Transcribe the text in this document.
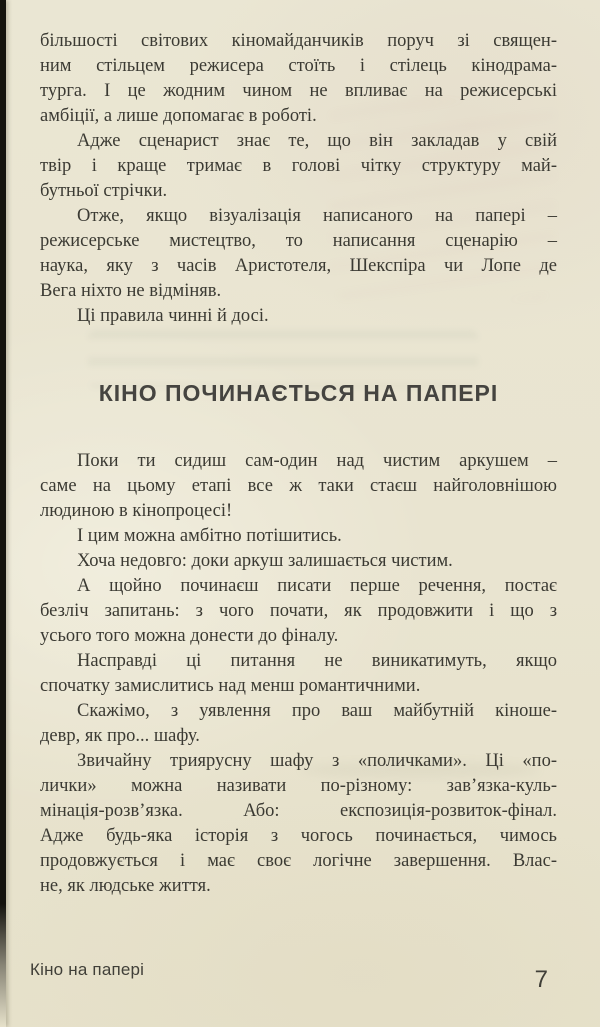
більшості світових кіномайданчиків поруч зі священ-
ним стільцем режисера стоїть і стілець кінодрама-
турга. І це жодним чином не впливає на режисерські
амбіції, а лише допомагає в роботі.
Адже сценарист знає те, що він закладав у свій
твір і краще тримає в голові чітку структуру май-
бутньої стрічки.
Отже, якщо візуалізація написаного на папері –
режисерське мистецтво, то написання сценарію –
наука, яку з часів Аристотеля, Шекспіра чи Лопе де
Вега ніхто не відміняв.
Ці правила чинні й досі.
КІНО ПОЧИНАЄТЬСЯ НА ПАПЕРІ
Поки ти сидиш сам-один над чистим аркушем –
саме на цьому етапі все ж таки стаєш найголовнішою
людиною в кінопроцесі!
І цим можна амбітно потішитись.
Хоча недовго: доки аркуш залишається чистим.
А щойно починаєш писати перше речення, постає
безліч запитань: з чого почати, як продовжити і що з
усього того можна донести до фіналу.
Насправді ці питання не виникатимуть, якщо
спочатку замислитись над менш романтичними.
Скажімо, з уявлення про ваш майбутній кіноше-
девр, як про... шафу.
Звичайну триярусну шафу з «поличками». Ці «по-
лички» можна називати по-різному: зав’язка-куль-
мінація-розв’язка. Або: експозиція-розвиток-фінал.
Адже будь-яка історія з чогось починається, чимось
продовжується і має своє логічне завершення. Влас-
не, як людське життя.
Кіно на папері	7
